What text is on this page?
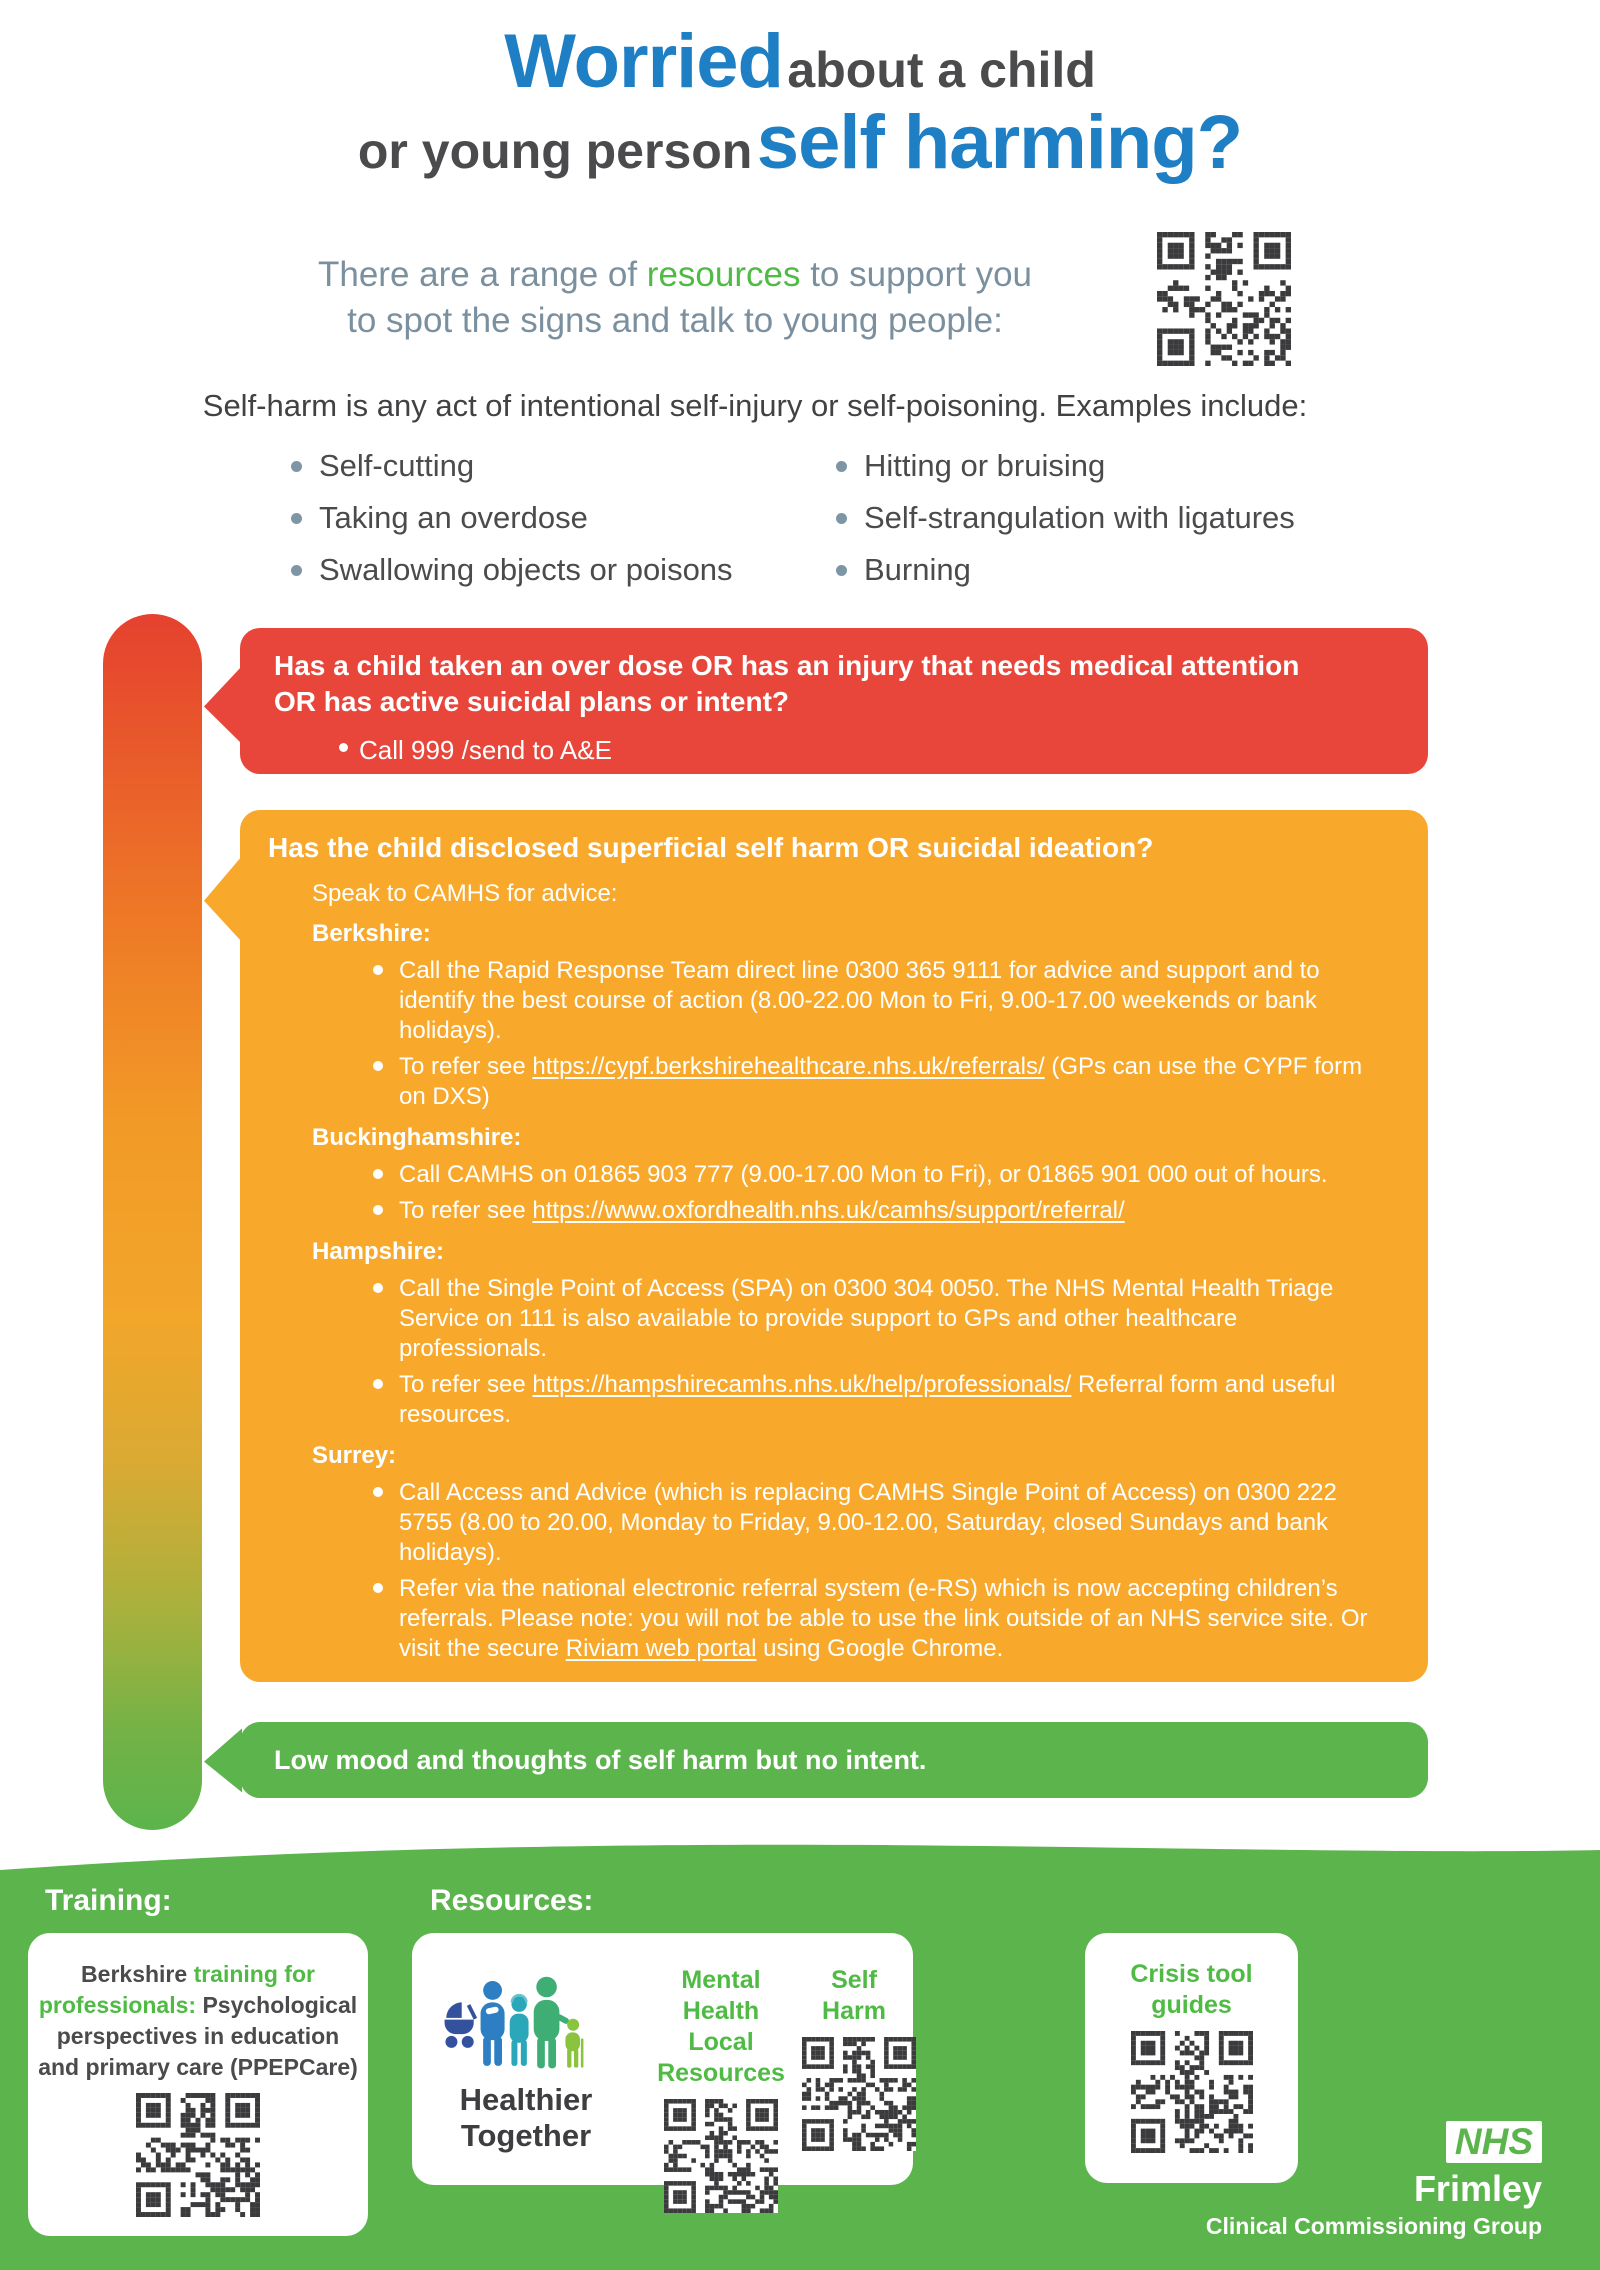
Worried about a child
or young person self harming?

There are a range of resources to support you
to spot the signs and talk to young people:

Self-harm is any act of intentional self-injury or self-poisoning. Examples include:

Self-cutting
Taking an overdose
Swallowing objects or poisons
Hitting or bruising
Self-strangulation with ligatures
Burning
Has a child taken an over dose OR has an injury that needs medical attention
OR has active suicidal plans or intent?
Call 999 /send to A&E
Has the child disclosed superficial self harm OR suicidal ideation?

Speak to CAMHS for advice:

Berkshire:
Call the Rapid Response Team direct line 0300 365 9111 for advice and support and to identify the best course of action (8.00-22.00 Mon to Fri, 9.00-17.00 weekends or bank holidays).
To refer see https://cypf.berkshirehealthcare.nhs.uk/referrals/ (GPs can use the CYPF form on DXS)
Buckinghamshire:
Call CAMHS on 01865 903 777 (9.00-17.00 Mon to Fri), or 01865 901 000 out of hours.
To refer see https://www.oxfordhealth.nhs.uk/camhs/support/referral/
Hampshire:
Call the Single Point of Access (SPA) on 0300 304 0050. The NHS Mental Health Triage Service on 111 is also available to provide support to GPs and other healthcare professionals.
To refer see https://hampshirecamhs.nhs.uk/help/professionals/ Referral form and useful resources.
Surrey:
Call Access and Advice (which is replacing CAMHS Single Point of Access) on 0300 222 5755 (8.00 to 20.00, Monday to Friday, 9.00-12.00, Saturday, closed Sundays and bank holidays).
Refer via the national electronic referral system (e-RS) which is now accepting children’s referrals. Please note: you will not be able to use the link outside of an NHS service site. Or visit the secure Riviam web portal using Google Chrome.
Low mood and thoughts of self harm but no intent.
Training:	Resources:

Berkshire training for professionals: Psychological perspectives in education and primary care (PPEPCare)

Healthier Together
Mental Health
Local Resources
Self
Harm
Crisis tool
guides
NHS
Frimley
Clinical Commissioning Group
